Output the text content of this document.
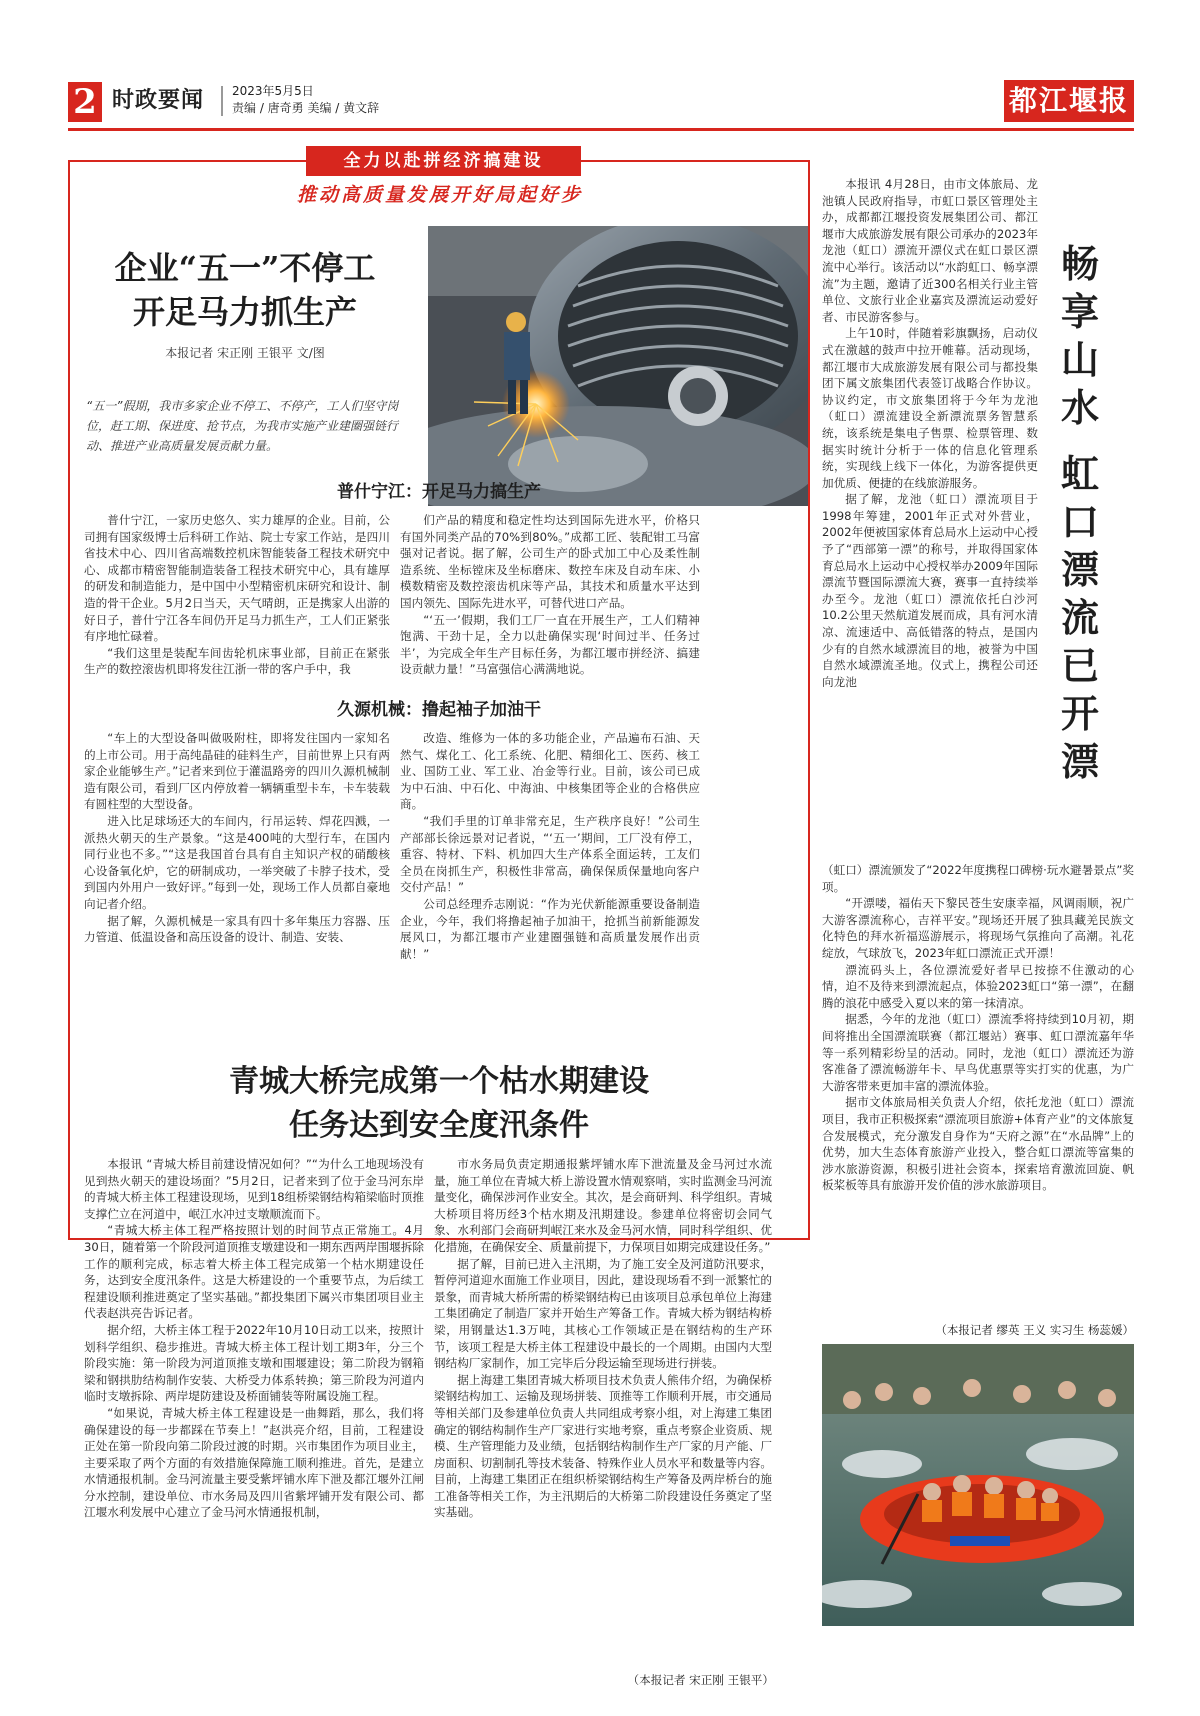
2 时政要闻 2023年5月5日
责编 / 唐奇勇 美编 / 黄文辞	都江堰报
全力以赴拼经济搞建设
推动高质量发展开好局起好步
企业“五一”不停工
开足马力抓生产
本报记者 宋正刚 王银平 文/图
“五一”假期，我市多家企业不停工、不停产，工人们坚守岗位，赶工期、保进度、抢节点，为我市实施产业建圈强链行动、推进产业高质量发展贡献力量。
普什宁江：开足马力搞生产

普什宁江，一家历史悠久、实力雄厚的企业。目前，公司拥有国家级博士后科研工作站、院士专家工作站，是四川省技术中心、四川省高端数控机床智能装备工程技术研究中心、成都市精密智能制造装备工程技术研究中心，具有雄厚的研发和制造能力，是中国中小型精密机床研究和设计、制造的骨干企业。5月2日当天，天气晴朗，正是携家人出游的好日子，普什宁江各车间仍开足马力抓生产，工人们正紧张有序地忙碌着。

“我们这里是装配车间齿轮机床事业部，目前正在紧张生产的数控滚齿机即将发往江浙一带的客户手中，我

们产品的精度和稳定性均达到国际先进水平，价格只有国外同类产品的70%到80%。”成都工匠、装配钳工马富强对记者说。据了解，公司生产的卧式加工中心及柔性制造系统、坐标镗床及坐标磨床、数控车床及自动车床、小模数精密及数控滚齿机床等产品，其技术和质量水平达到国内领先、国际先进水平，可替代进口产品。

“‘五一’假期，我们工厂一直在开展生产，工人们精神饱满、干劲十足，全力以赴确保实现‘时间过半、任务过半’，为完成全年生产目标任务，为都江堰市拼经济、搞建设贡献力量！”马富强信心满满地说。

久源机械：撸起袖子加油干

“车上的大型设备叫做吸附柱，即将发往国内一家知名的上市公司。用于高纯晶硅的硅料生产，目前世界上只有两家企业能够生产。”记者来到位于灌温路旁的四川久源机械制造有限公司，看到厂区内停放着一辆辆重型卡车，卡车装载有圆柱型的大型设备。

进入比足球场还大的车间内，行吊运转、焊花四溅，一派热火朝天的生产景象。“这是400吨的大型行车，在国内同行业也不多。”“这是我国首台具有自主知识产权的硝酸核心设备氧化炉，它的研制成功，一举突破了卡脖子技术，受到国内外用户一致好评。”每到一处，现场工作人员都自豪地向记者介绍。

据了解，久源机械是一家具有四十多年集压力容器、压力管道、低温设备和高压设备的设计、制造、安装、

改造、维修为一体的多功能企业，产品遍布石油、天然气、煤化工、化工系统、化肥、精细化工、医药、核工业、国防工业、军工业、冶金等行业。目前，该公司已成为中石油、中石化、中海油、中核集团等企业的合格供应商。

“我们手里的订单非常充足，生产秩序良好！”公司生产部部长徐远景对记者说，“‘五一’期间，工厂没有停工，重容、特材、下料、机加四大生产体系全面运转，工友们全员在岗抓生产，积极性非常高，确保保质保量地向客户交付产品！”

公司总经理乔志刚说：“作为光伏新能源重要设备制造企业，今年，我们将撸起袖子加油干，抢抓当前新能源发展风口，为都江堰市产业建圈强链和高质量发展作出贡献！”

青城大桥完成第一个枯水期建设
任务达到安全度汛条件

本报讯 “青城大桥目前建设情况如何？”“为什么工地现场没有见到热火朝天的建设场面？”5月2日，记者来到了位于金马河东岸的青城大桥主体工程建设现场，见到18组桥梁钢结构箱梁临时顶推支撑伫立在河道中，岷江水冲过支墩顺流而下。

“青城大桥主体工程严格按照计划的时间节点正常施工。4月30日，随着第一个阶段河道顶推支墩建设和一期东西两岸围堰拆除工作的顺利完成，标志着大桥主体工程完成第一个枯水期建设任务，达到安全度汛条件。这是大桥建设的一个重要节点，为后续工程建设顺利推进奠定了坚实基础。”都投集团下属兴市集团项目业主代表赵洪亮告诉记者。

据介绍，大桥主体工程于2022年10月10日动工以来，按照计划科学组织、稳步推进。青城大桥主体工程计划工期3年，分三个阶段实施：第一阶段为河道顶推支墩和围堰建设；第二阶段为钢箱梁和钢拱肋结构制作安装、大桥受力体系转换；第三阶段为河道内临时支墩拆除、两岸堤防建设及桥面铺装等附属设施工程。

“如果说，青城大桥主体工程建设是一曲舞蹈，那么，我们将确保建设的每一步都踩在节奏上！”赵洪亮介绍，目前，工程建设正处在第一阶段向第二阶段过渡的时期。兴市集团作为项目业主，主要采取了两个方面的有效措施保障施工顺利推进。首先，是建立水情通报机制。金马河流量主要受紫坪铺水库下泄及都江堰外江闸分水控制，建设单位、市水务局及四川省紫坪铺开发有限公司、都江堰水利发展中心建立了金马河水情通报机制，

市水务局负责定期通报紫坪铺水库下泄流量及金马河过水流量，施工单位在青城大桥上游设置水情观察哨，实时监测金马河流量变化，确保涉河作业安全。其次，是会商研判、科学组织。青城大桥项目将历经3个枯水期及汛期建设。参建单位将密切会同气象、水利部门会商研判岷江来水及金马河水情，同时科学组织、优化措施，在确保安全、质量前提下，力保项目如期完成建设任务。”

据了解，目前已进入主汛期，为了施工安全及河道防汛要求，暂停河道迎水面施工作业项目，因此，建设现场看不到一派繁忙的景象，而青城大桥所需的桥梁钢结构已由该项目总承包单位上海建工集团确定了制造厂家并开始生产筹备工作。青城大桥为钢结构桥梁，用钢量达1.3万吨，其核心工作领域正是在钢结构的生产环节，该项工程是大桥主体工程建设中最长的一个周期。由国内大型钢结构厂家制作，加工完毕后分段运输至现场进行拼装。

据上海建工集团青城大桥项目技术负责人熊伟介绍，为确保桥梁钢结构加工、运输及现场拼装、顶推等工作顺利开展，市交通局等相关部门及参建单位负责人共同组成考察小组，对上海建工集团确定的钢结构制作生产厂家进行实地考察，重点考察企业资质、规模、生产管理能力及业绩，包括钢结构制作生产厂家的月产能、厂房面积、切割制孔等技术装备、特殊作业人员水平和数量等内容。目前，上海建工集团正在组织桥梁钢结构生产筹备及两岸桥台的施工准备等相关工作，为主汛期后的大桥第二阶段建设任务奠定了坚实基础。

（本报记者 宋正刚 王银平）
畅享山水
虹口漂流已开漂

本报讯 4月28日，由市文体旅局、龙池镇人民政府指导，市虹口景区管理处主办，成都都江堰投资发展集团公司、都江堰市大成旅游发展有限公司承办的2023年龙池（虹口）漂流开漂仪式在虹口景区漂流中心举行。该活动以“水韵虹口、畅享漂流”为主题，邀请了近300名相关行业主管单位、文旅行业企业嘉宾及漂流运动爱好者、市民游客参与。

上午10时，伴随着彩旗飘扬，启动仪式在激越的鼓声中拉开帷幕。活动现场，都江堰市大成旅游发展有限公司与都投集团下属文旅集团代表签订战略合作协议。协议约定，市文旅集团将于今年为龙池（虹口）漂流建设全新漂流票务智慧系统，该系统是集电子售票、检票管理、数据实时统计分析于一体的信息化管理系统，实现线上线下一体化，为游客提供更加优质、便捷的在线旅游服务。

据了解，龙池（虹口）漂流项目于1998年筹建，2001年正式对外营业，2002年便被国家体育总局水上运动中心授予了“西部第一漂”的称号，并取得国家体育总局水上运动中心授权举办2009年国际漂流节暨国际漂流大赛，赛事一直持续举办至今。龙池（虹口）漂流依托白沙河10.2公里天然航道发展而成，具有河水清凉、流速适中、高低错落的特点，是国内少有的自然水域漂流目的地，被誉为中国自然水域漂流圣地。仪式上，携程公司还向龙池

（虹口）漂流颁发了“2022年度携程口碑榜·玩水避暑景点”奖项。

“开漂喽，福佑天下黎民苍生安康幸福，风调雨顺，祝广大游客漂流称心，吉祥平安。”现场还开展了独具藏羌民族文化特色的拜水祈福巡游展示，将现场气氛推向了高潮。礼花绽放，气球放飞，2023年虹口漂流正式开漂！

漂流码头上，各位漂流爱好者早已按捺不住激动的心情，迫不及待来到漂流起点，体验2023虹口“第一漂”，在翻腾的浪花中感受入夏以来的第一抹清凉。

据悉，今年的龙池（虹口）漂流季将持续到10月初，期间将推出全国漂流联赛（都江堰站）赛事、虹口漂流嘉年华等一系列精彩纷呈的活动。同时，龙池（虹口）漂流还为游客准备了漂流畅游年卡、早鸟优惠票等实打实的优惠，为广大游客带来更加丰富的漂流体验。

据市文体旅局相关负责人介绍，依托龙池（虹口）漂流项目，我市正积极探索“漂流项目旅游+体育产业”的文体旅复合发展模式，充分激发自身作为“天府之源”在“水品牌”上的优势，加大生态体育旅游产业投入，整合虹口漂流等富集的涉水旅游资源，积极引进社会资本，探索培育激流回旋、帆板桨板等具有旅游开发价值的涉水旅游项目。

（本报记者 缪英 王义 实习生 杨蕊媛）
